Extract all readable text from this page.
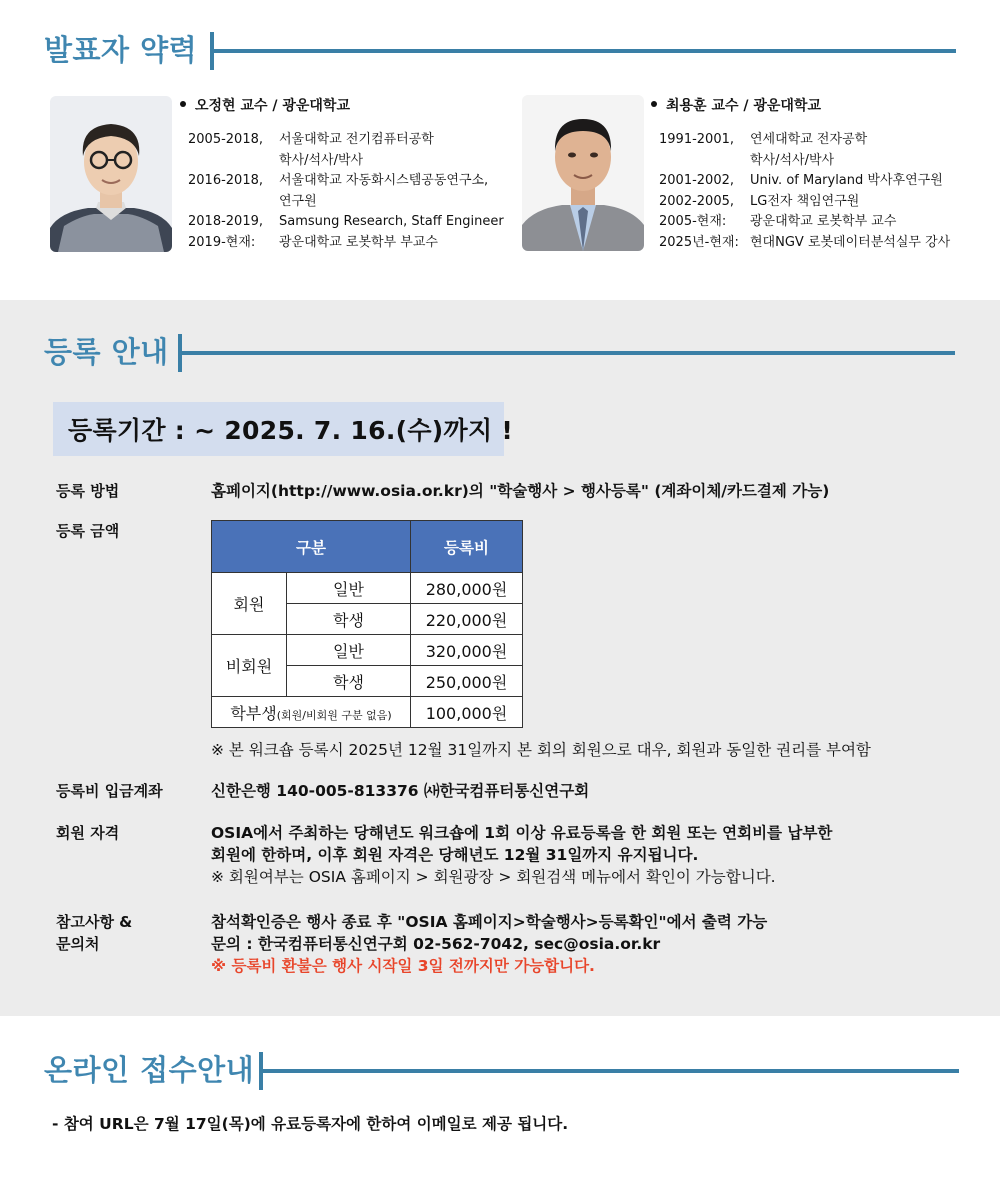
발표자 약력
오정현 교수 / 광운대학교
2005-2018,	서울대학교 전기컴퓨터공학
학사/석사/박사
2016-2018,	서울대학교 자동화시스템공동연구소,
연구원
2018-2019,	Samsung Research, Staff Engineer
2019-현재:	광운대학교 로봇학부 부교수
최용훈 교수 / 광운대학교
1991-2001,	연세대학교 전자공학
학사/석사/박사
2001-2002,	Univ. of Maryland 박사후연구원
2002-2005,	LG전자 책임연구원
2005-현재:	광운대학교 로봇학부 교수
2025년-현재: 현대NGV 로봇데이터분석실무 강사
등록 안내
등록기간 : ~ 2025. 7. 16.(수)까지 !
등록 방법	홈페이지(http://www.osia.or.kr)의 "학술행사 > 행사등록" (계좌이체/카드결제 가능)
등록 금액
구분		등록비
회원	일반	280,000원
	학생	220,000원
비회원	일반	320,000원
	학생	250,000원
학부생(회원/비회원 구분 없음)		100,000원
※ 본 워크숍 등록시 2025년 12월 31일까지 본 회의 회원으로 대우, 회원과 동일한 권리를 부여함
등록비 입금계좌	신한은행 140-005-813376 ㈔한국컴퓨터통신연구회
회원 자격	OSIA에서 주최하는 당해년도 워크숍에 1회 이상 유료등록을 한 회원 또는 연회비를 납부한
회원에 한하며, 이후 회원 자격은 당해년도 12월 31일까지 유지됩니다.
※ 회원여부는 OSIA 홈페이지 > 회원광장 > 회원검색 메뉴에서 확인이 가능합니다.
참고사항 &
문의처
참석확인증은 행사 종료 후 "OSIA 홈페이지>학술행사>등록확인"에서 출력 가능
문의 : 한국컴퓨터통신연구회 02-562-7042, sec@osia.or.kr
※ 등록비 환불은 행사 시작일 3일 전까지만 가능합니다.
온라인 접수안내
- 참여 URL은 7월 17일(목)에 유료등록자에 한하여 이메일로 제공 됩니다.
